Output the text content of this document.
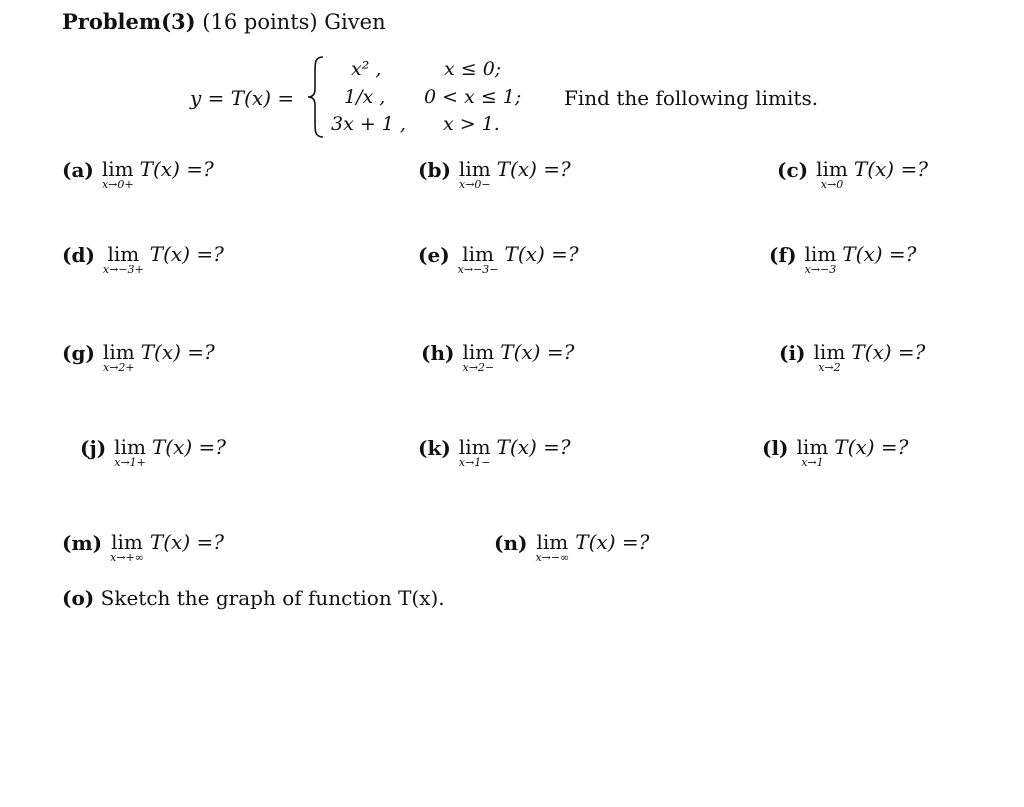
Problem(3) (16 points) Given
y = T(x) =
x² ,	x ≤ 0;
1/x , 0 < x ≤ 1;
3x + 1 , x > 1.
Find the following limits.
(a) lim
x→0+
T(x) =?	(b) lim
x→0−
T(x) =?	(c) lim
x→0
T(x) =?
(d) lim
x→−3+
T(x) =?	(e) lim
x→−3−
T(x) =?	(f) lim
x→−3
T(x) =?
(g) lim
x→2+
T(x) =?	(h) lim
x→2−
T(x) =?	(i) lim
x→2
T(x) =?
(j) lim
x→1+
T(x) =?	(k) lim
x→1−
T(x) =?	(l) lim
x→1
T(x) =?
(m) lim
x→+∞
T(x) =?	(n) lim
x→−∞
T(x) =?
(o) Sketch the graph of function T(x).
